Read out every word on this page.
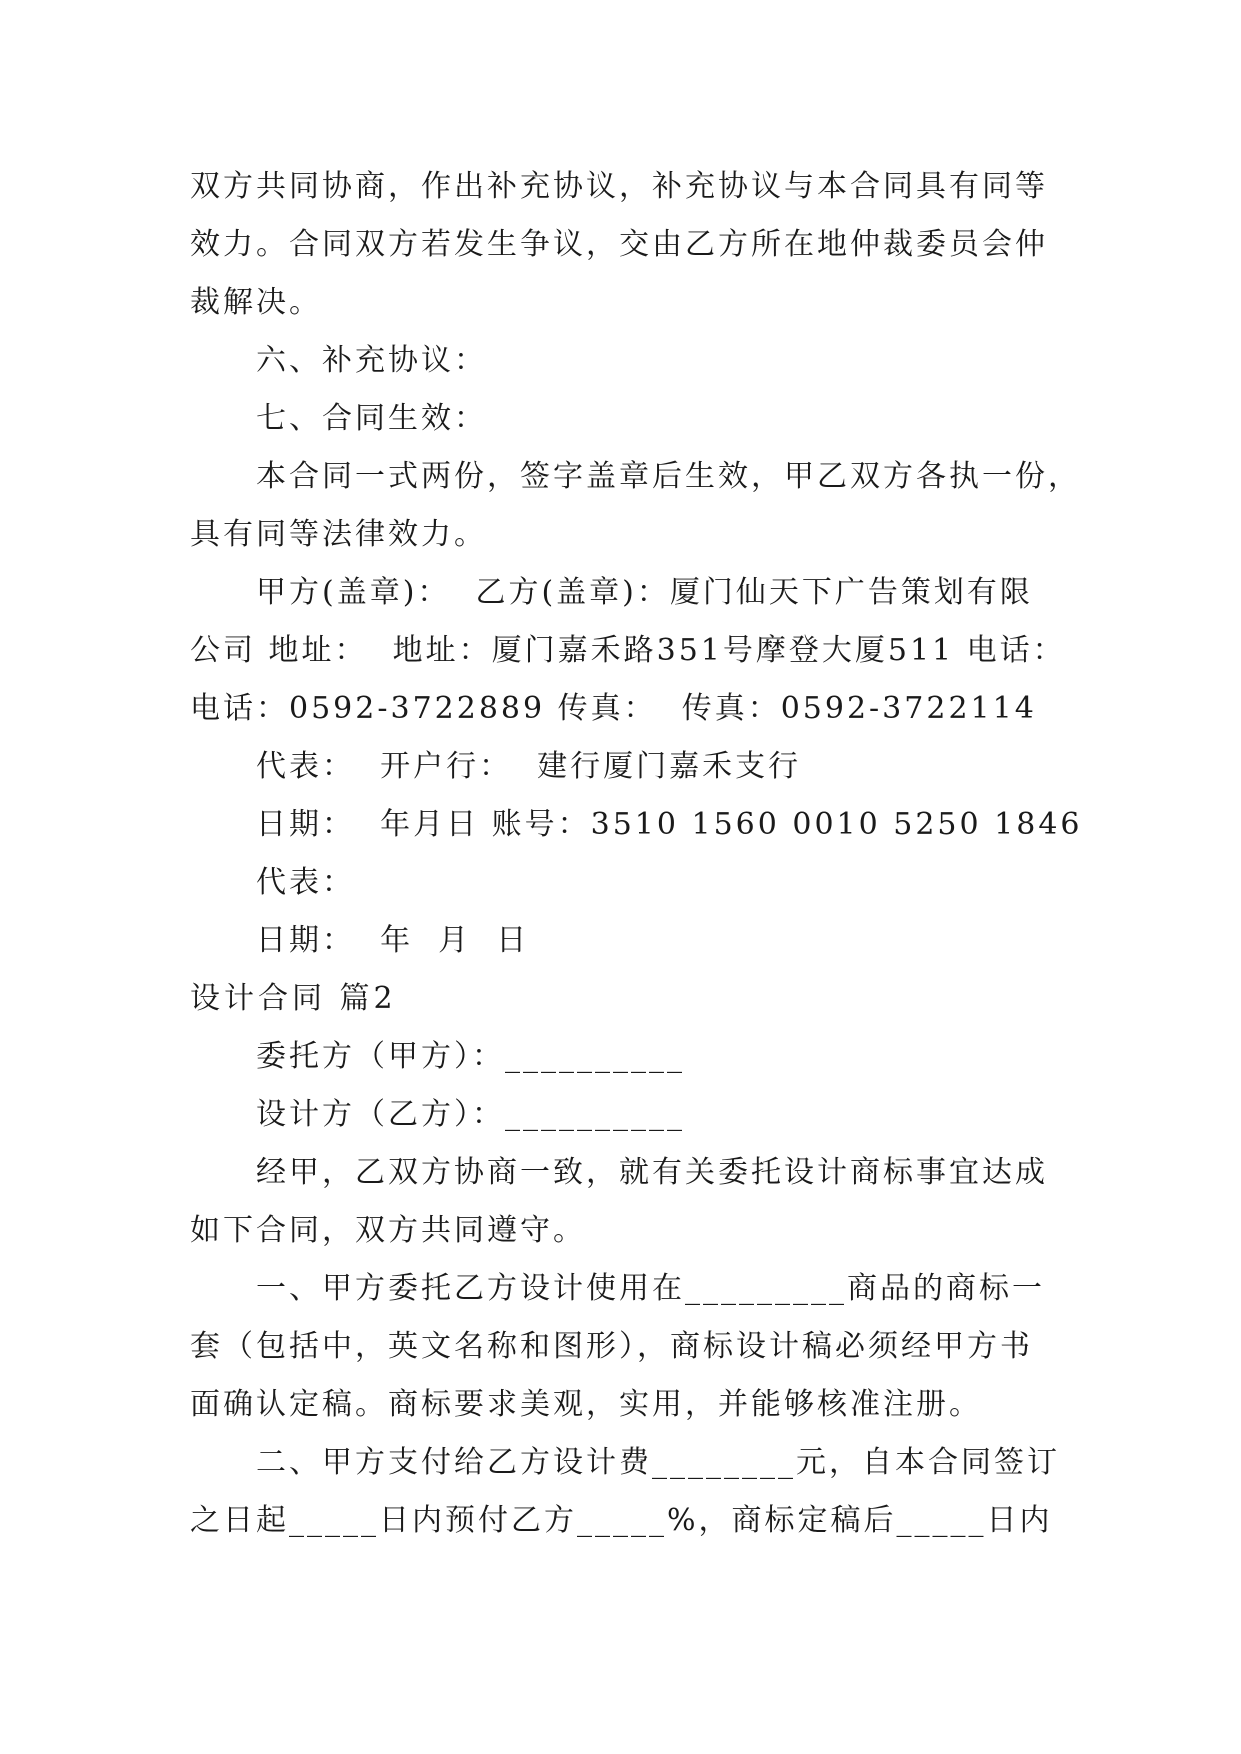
双方共同协商，作出补充协议，补充协议与本合同具有同等
效力。合同双方若发生争议，交由乙方所在地仲裁委员会仲
裁解决。
六、补充协议：
七、合同生效：
本合同一式两份，签字盖章后生效，甲乙双方各执一份，
具有同等法律效力。
甲方(盖章)：  乙方(盖章)：厦门仙天下广告策划有限
公司 地址：  地址：厦门嘉禾路351号摩登大厦511 电话：
电话：0592-3722889 传真：  传真：0592-3722114
代表：  开户行：  建行厦门嘉禾支行
日期：  年月日 账号：3510 1560 0010 5250 1846
代表：
日期：  年  月  日
设计合同 篇2
委托方（甲方）：__________
设计方（乙方）：__________
经甲，乙双方协商一致，就有关委托设计商标事宜达成
如下合同，双方共同遵守。
一、甲方委托乙方设计使用在_________商品的商标一
套（包括中，英文名称和图形），商标设计稿必须经甲方书
面确认定稿。商标要求美观，实用，并能够核准注册。
二、甲方支付给乙方设计费________元，自本合同签订
之日起_____日内预付乙方_____%，商标定稿后_____日内
